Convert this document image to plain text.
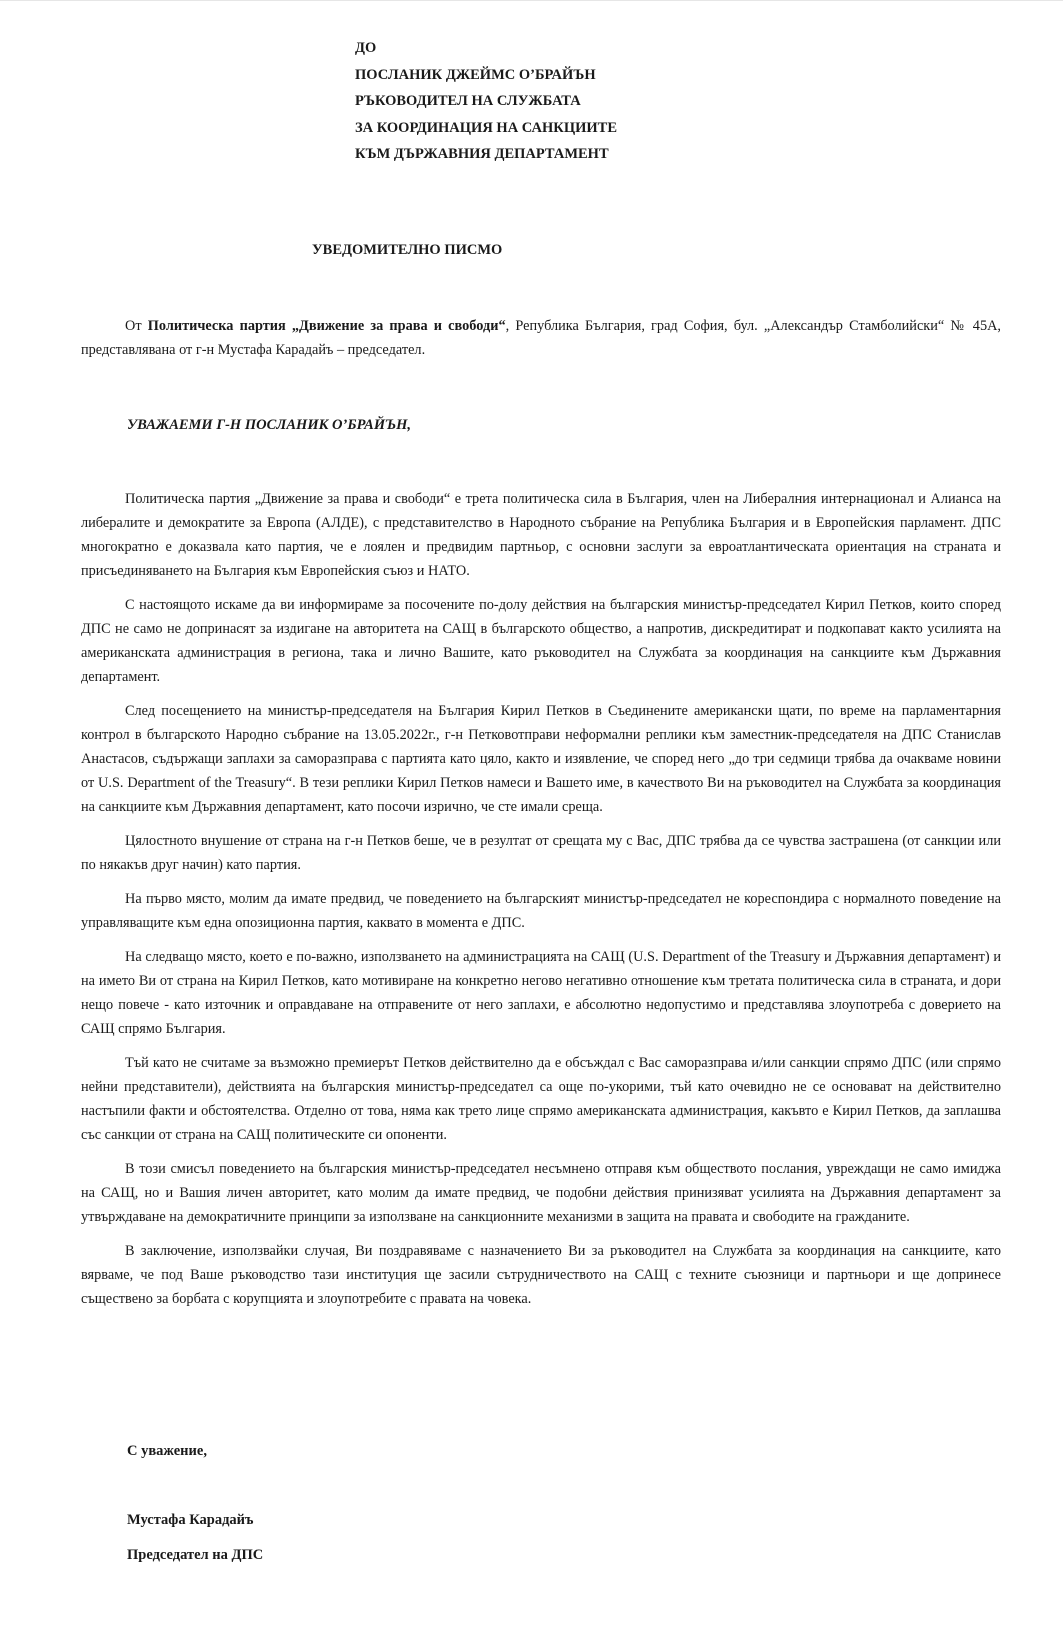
ДО
ПОСЛАНИК ДЖЕЙМС О’БРАЙЪН
РЪКОВОДИТЕЛ НА СЛУЖБАТА
ЗА КООРДИНАЦИЯ НА САНКЦИИТЕ
КЪМ ДЪРЖАВНИЯ ДЕПАРТАМЕНТ
УВЕДОМИТЕЛНО ПИСМО

От Политическа партия „Движение за права и свободи“, Република България, град София, бул. „Александър Стамболийски“ № 45А, представлявана от г-н Мустафа Карадайъ – председател.

УВАЖАЕМИ Г-Н ПОСЛАНИК О’БРАЙЪН,

Политическа партия „Движение за права и свободи“ е трета политическа сила в България, член на Либералния интернационал и Алианса на либералите и демократите за Европа (АЛДЕ), с представителство в Народното събрание на Република България и в Европейския парламент. ДПС многократно е доказвала като партия, че е лоялен и предвидим партньор, с основни заслуги за евроатлантическата ориентация на страната и присъединяването на България към Европейския съюз и НАТО.

С настоящото искаме да ви информираме за посочените по-долу действия на българския министър-председател Кирил Петков, които според ДПС не само не допринасят за издигане на авторитета на САЩ в българското общество, а напротив, дискредитират и подкопават както усилията на американската администрация в региона, така и лично Вашите, като ръководител на Службата за координация на санкциите към Държавния департамент.

След посещението на министър-председателя на България Кирил Петков в Съединените американски щати, по време на парламентарния контрол в българското Народно събрание на 13.05.2022г., г-н Петковотправи неформални реплики към заместник-председателя на ДПС Станислав Анастасов, съдържащи заплахи за саморазправа с партията като цяло, както и изявление, че според него „до три седмици трябва да очакваме новини от U.S. Department of the Treasury“. В тези реплики Кирил Петков намеси и Вашето име, в качеството Ви на ръководител на Службата за координация на санкциите към Държавния департамент, като посочи изрично, че сте имали среща.

Цялостното внушение от страна на г-н Петков беше, че в резултат от срещата му с Вас, ДПС трябва да се чувства застрашена (от санкции или по някакъв друг начин) като партия.

На първо място, молим да имате предвид, че поведението на българският министър-председател не кореспондира с нормалното поведение на управляващите към една опозиционна партия, каквато в момента е ДПС.

На следващо място, което е по-важно, използването на администрацията на САЩ (U.S. Department of the Treasury и Държавния департамент) и на името Ви от страна на Кирил Петков, като мотивиране на конкретно негово негативно отношение към третата политическа сила в страната, и дори нещо повече - като източник и оправдаване на отправените от него заплахи, е абсолютно недопустимо и представлява злоупотреба с доверието на САЩ спрямо България.

Тъй като не считаме за възможно премиерът Петков действително да е обсъждал с Вас саморазправа и/или санкции спрямо ДПС (или спрямо нейни представители), действията на българския министър-председател са още по-укорими, тъй като очевидно не се основават на действително настъпили факти и обстоятелства. Отделно от това, няма как трето лице спрямо американската администрация, какъвто е Кирил Петков, да заплашва със санкции от страна на САЩ политическите си опоненти.

В този смисъл поведението на българския министър-председател несъмнено отправя към обществото послания, увреждащи не само имиджа на САЩ, но и Вашия личен авторитет, като молим да имате предвид, че подобни действия принизяват усилията на Държавния департамент за утвърждаване на демократичните принципи за използване на санкционните механизми в защита на правата и свободите на гражданите.

В заключение, използвайки случая, Ви поздравяваме с назначението Ви за ръководител на Службата за координация на санкциите, като вярваме, че под Ваше ръководство тази институция ще засили сътрудничеството на САЩ с техните съюзници и партньори и ще допринесе съществено за борбата с корупцията и злоупотребите с правата на човека.

С уважение,
Мустафа Карадайъ
Председател на ДПС
